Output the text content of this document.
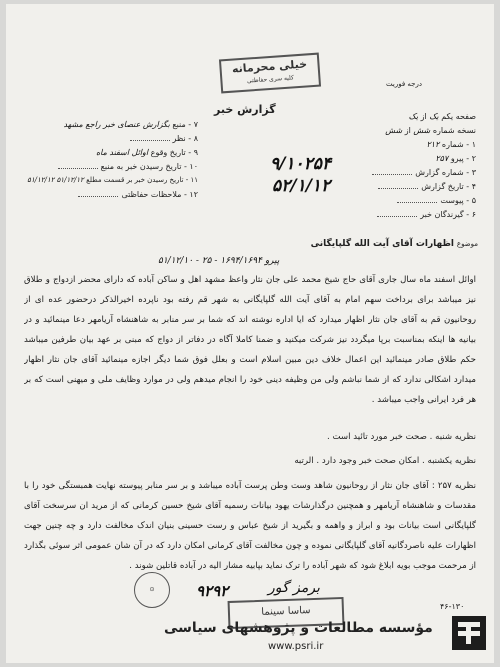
خیلی محرمانه
کلیه سری حفاظتی	درجه فوریت
گزارش خبر
۷ - منبع بگزارش عنصای خبر راجع مشهد
۸ - نظر
۹ - تاریخ وقوع اوائل اسفند ماه
۱۰ - تاریخ رسیدن خبر به منبع
۱۱ - تاریخ رسیدن خبر بر قسمت مطلع ۵۱/۱۲/۱۲ ۵۱/۱۲/۱۲
۱۲ - ملاحظات حفاظتی
صفحه یکم یک از یک
نسخه شماره شش از شش
۱ - شماره ۲۱۲
۲ - پیرو ۲۵۷
۳ - شماره گزارش
۴ - تاریخ گزارش
۵ - پیوست
۶ - گیرندگان خبر
۹/۱۰۲۵۴
۵۲/۱/۱۲
موضوع اظهارات آقای آیت الله گلپایگانی
۵۱/۱۲/۱۰ - ۲۵ - ۱۶۹۴/۱۶۹۴ پیرو
اوائل اسفند ماه سال جاری آقای حاج شیخ محمد علی جان نثار واعظ مشهد اهل و ساکن آباده که دارای محضر ازدواج و طلاق نیز میباشد برای برداخت سهم امام به آقای آیت الله گلپایگانی به شهر قم رفته بود ناپرده اخیرالذکر درحضور عده ای از روحانیون قم به آقای جان نثار اظهار میدارد که ایا اداره نوشته اند که شما بر سر منابر به شاهنشاه آریامهر دعا مینمائید و در بیانیه ها اینکه بمناسبت برپا میگردد نیز شرکت میکنید و ضمنا کاملا آگاه در دفاتر از دواج که مبنی بر عهد بیان طرفین میباشد حکم طلاق صادر مینمائید این اعمال خلاف دین مبین اسلام است و بعلل فوق شما دیگر اجازه مینمائید آقای جان نثار اظهار میدارد اشکالی ندارد که از شما نباشم ولی من وظیفه دینی خود را انجام میدهم ولی در موارد وظایف ملی و میهنی است که بر هر فرد ایرانی واجب میباشد .
نظریه شنبه . صحت خبر مورد تائید است .
نظریه یکشنبه . امکان صحت خبر وجود دارد . الرتبه
نظریه ۲۵۷ : آقای جان نثار از روحانیون شاهد وست وطن پرست آباده میباشد و بر سر منابر پیوسته نهایت همبستگی خود را با مقدسات و شاهنشاه آریامهر و همچنین درگذارشات یهود بیانات رسمیه آقای شیخ حسین کرمانی که از مرید ان سرسخت آقای گلپایگانی است بیانات بود و ابراز و واهمه و بگیرید از شیخ عباس و رست حسینی بنیان اندک مخالفت دارد و چه چنین جهت اظهارات علیه ناصردگانیه آقای گلپایگانی نموده و چون مخالفت آقای کرمانی امکان دارد که در آن شان عمومی اثر سوئی بگذارد از مرحمت موجب بویه ابلاغ شود که شهر آباده را ترک نماید بپابیه مشار الیه در آباده قاتلین شوند .
۹۲۹۲	ﺑﺮﻣﺰ ﮔﻮﺭ
ساسا سینما
⊙
۴۶-۱۳۰
مؤسسه مطالعات و پژوهشهای سیاسی
www.psri.ir
